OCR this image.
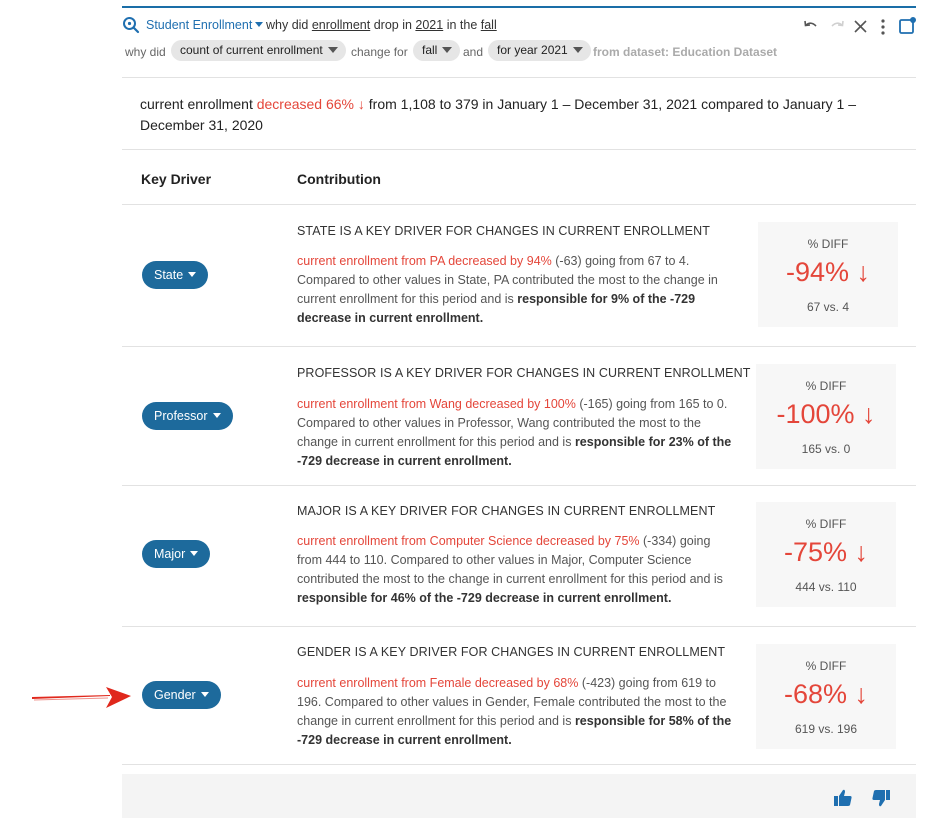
Student Enrollment	why did enrollment drop in 2021 in the fall
why did	count of current enrollment	change for	fall	and	for year 2021	from dataset: Education Dataset
current enrollment decreased 66% ↓ from 1,108 to 379 in January 1 – December 31, 2021 compared to January 1 – December 31, 2020
Key Driver	Contribution
State
STATE IS A KEY DRIVER FOR CHANGES IN CURRENT ENROLLMENT
current enrollment from PA decreased by 94% (-63) going from 67 to 4. Compared to other values in State, PA contributed the most to the change in current enrollment for this period and is responsible for 9% of the -729 decrease in current enrollment.
% DIFF
-94% ↓
67 vs. 4
Professor
PROFESSOR IS A KEY DRIVER FOR CHANGES IN CURRENT ENROLLMENT
current enrollment from Wang decreased by 100% (-165) going from 165 to 0. Compared to other values in Professor, Wang contributed the most to the change in current enrollment for this period and is responsible for 23% of the -729 decrease in current enrollment.
% DIFF
-100% ↓
165 vs. 0
Major
MAJOR IS A KEY DRIVER FOR CHANGES IN CURRENT ENROLLMENT
current enrollment from Computer Science decreased by 75% (-334) going from 444 to 110. Compared to other values in Major, Computer Science contributed the most to the change in current enrollment for this period and is responsible for 46% of the -729 decrease in current enrollment.
% DIFF
-75% ↓
444 vs. 110
Gender
GENDER IS A KEY DRIVER FOR CHANGES IN CURRENT ENROLLMENT
current enrollment from Female decreased by 68% (-423) going from 619 to 196. Compared to other values in Gender, Female contributed the most to the change in current enrollment for this period and is responsible for 58% of the -729 decrease in current enrollment.
% DIFF
-68% ↓
619 vs. 196
